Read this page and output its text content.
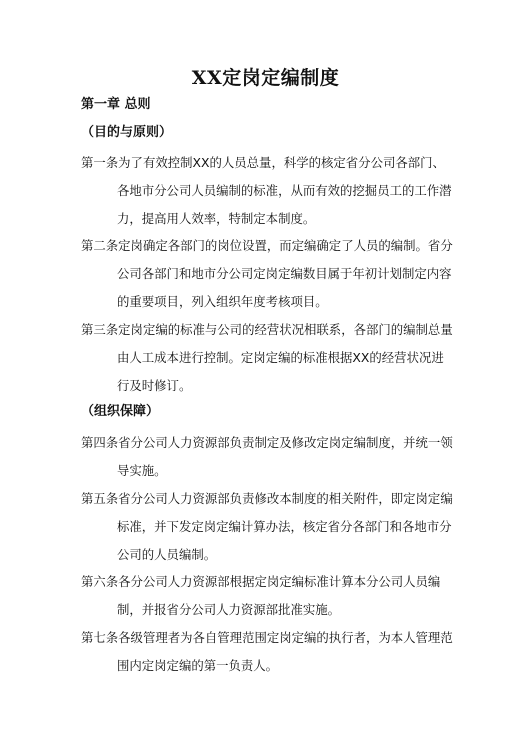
XX定岗定编制度
第一章 总则
（目的与原则）
第一条为了有效控制XX的人员总量，科学的核定省分公司各部门、各地市分公司人员编制的标准，从而有效的挖掘员工的工作潜力，提高用人效率，特制定本制度。
第二条定岗确定各部门的岗位设置，而定编确定了人员的编制。省分公司各部门和地市分公司定岗定编数目属于年初计划制定内容的重要项目，列入组织年度考核项目。
第三条定岗定编的标准与公司的经营状况相联系，各部门的编制总量由人工成本进行控制。定岗定编的标准根据XX的经营状况进行及时修订。
（组织保障）
第四条省分公司人力资源部负责制定及修改定岗定编制度，并统一领导实施。
第五条省分公司人力资源部负责修改本制度的相关附件，即定岗定编标准，并下发定岗定编计算办法，核定省分各部门和各地市分公司的人员编制。
第六条各分公司人力资源部根据定岗定编标准计算本分公司人员编制，并报省分公司人力资源部批准实施。
第七条各级管理者为各自管理范围定岗定编的执行者，为本人管理范围内定岗定编的第一负责人。
